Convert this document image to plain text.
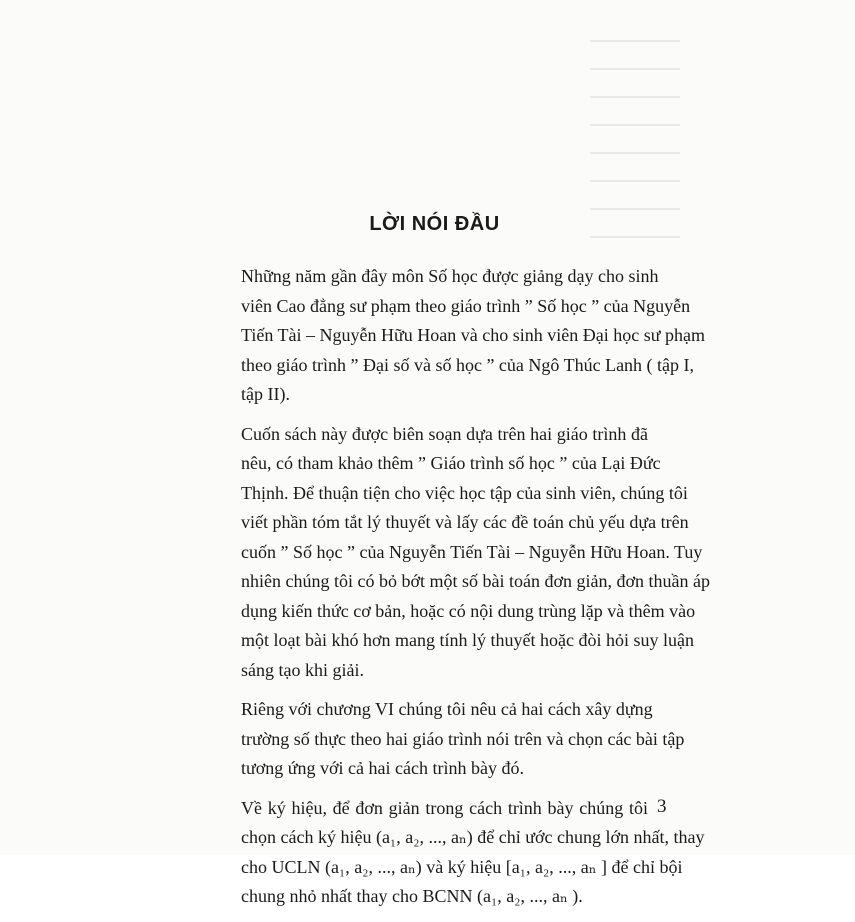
LỜI NÓI ĐẦU

Những năm gần đây môn Số học được giảng dạy cho sinh
viên Cao đẳng sư phạm theo giáo trình ” Số học ” của Nguyễn
Tiến Tài – Nguyễn Hữu Hoan và cho sinh viên Đại học sư phạm
theo giáo trình ” Đại số và số học ” của Ngô Thúc Lanh ( tập I,
tập II).

Cuốn sách này được biên soạn dựa trên hai giáo trình đã
nêu, có tham khảo thêm ” Giáo trình số học ” của Lại Đức
Thịnh. Để thuận tiện cho việc học tập của sinh viên, chúng tôi
viết phần tóm tắt lý thuyết và lấy các đề toán chủ yếu dựa trên
cuốn ” Số học ” của Nguyễn Tiến Tài – Nguyễn Hữu Hoan. Tuy
nhiên chúng tôi có bỏ bớt một số bài toán đơn giản, đơn thuần áp
dụng kiến thức cơ bản, hoặc có nội dung trùng lặp và thêm vào
một loạt bài khó hơn mang tính lý thuyết hoặc đòi hỏi suy luận
sáng tạo khi giải.

Riêng với chương VI chúng tôi nêu cả hai cách xây dựng
trường số thực theo hai giáo trình nói trên và chọn các bài tập
tương ứng với cả hai cách trình bày đó.

Về ký hiệu, để đơn giản trong cách trình bày chúng tôi
chọn cách ký hiệu (a₁, a₂, ..., aₙ) để chỉ ước chung lớn nhất, thay
cho UCLN (a₁, a₂, ..., aₙ) và ký hiệu [a₁, a₂, ..., aₙ ] để chỉ bội
chung nhỏ nhất thay cho BCNN (a₁, a₂, ..., aₙ ).

3
